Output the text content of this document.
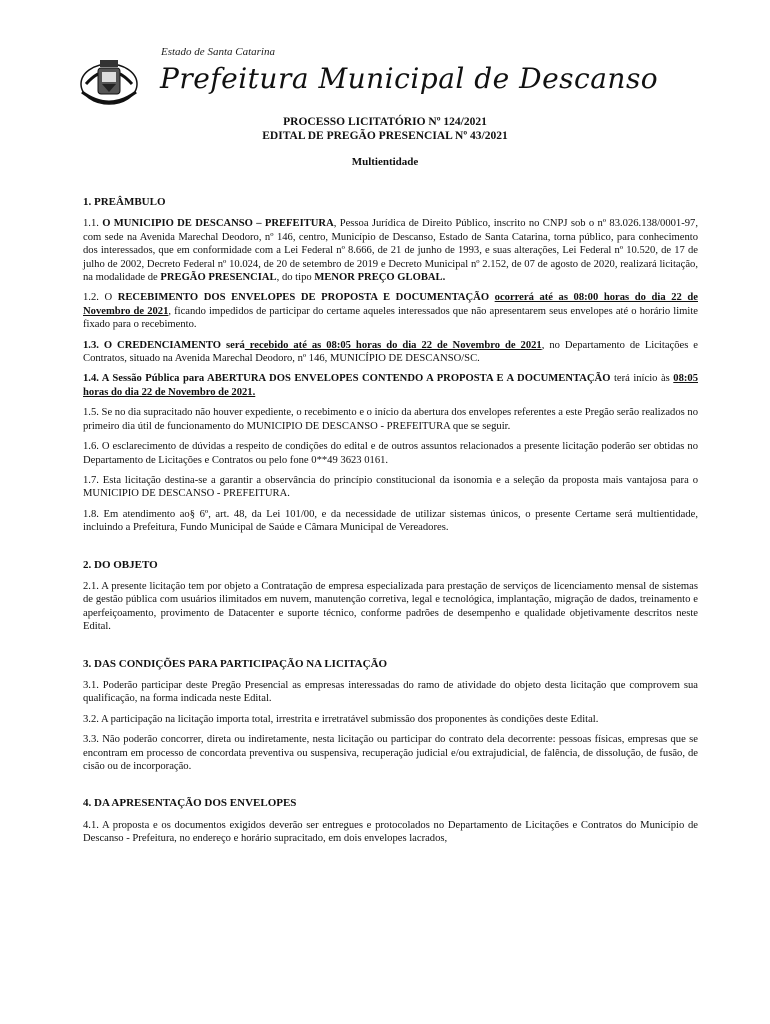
Estado de Santa Catarina
Prefeitura Municipal de Descanso
PROCESSO LICITATÓRIO Nº 124/2021
EDITAL DE PREGÃO PRESENCIAL Nº 43/2021
Multientidade
1. PREÂMBULO

1.1. O MUNICIPIO DE DESCANSO – PREFEITURA, Pessoa Jurídica de Direito Público, inscrito no CNPJ sob o nº 83.026.138/0001-97, com sede na Avenida Marechal Deodoro, nº 146, centro, Município de Descanso, Estado de Santa Catarina, torna público, para conhecimento dos interessados, que em conformidade com a Lei Federal nº 8.666, de 21 de junho de 1993, e suas alterações, Lei Federal nº 10.520, de 17 de julho de 2002, Decreto Federal nº 10.024, de 20 de setembro de 2019 e Decreto Municipal nº 2.152, de 07 de agosto de 2020, realizará licitação, na modalidade de PREGÃO PRESENCIAL, do tipo MENOR PREÇO GLOBAL.

1.2. O RECEBIMENTO DOS ENVELOPES DE PROPOSTA E DOCUMENTAÇÃO ocorrerá até as 08:00 horas do dia 22 de Novembro de 2021, ficando impedidos de participar do certame aqueles interessados que não apresentarem seus envelopes até o horário limite fixado para o recebimento.

1.3. O CREDENCIAMENTO será recebido até as 08:05 horas do dia 22 de Novembro de 2021, no Departamento de Licitações e Contratos, situado na Avenida Marechal Deodoro, nº 146, MUNICÍPIO DE DESCANSO/SC.

1.4. A Sessão Pública para ABERTURA DOS ENVELOPES CONTENDO A PROPOSTA E A DOCUMENTAÇÃO terá início às 08:05 horas do dia 22 de Novembro de 2021.

1.5. Se no dia supracitado não houver expediente, o recebimento e o início da abertura dos envelopes referentes a este Pregão serão realizados no primeiro dia útil de funcionamento do MUNICIPIO DE DESCANSO - PREFEITURA que se seguir.

1.6. O esclarecimento de dúvidas a respeito de condições do edital e de outros assuntos relacionados a presente licitação poderão ser obtidas no Departamento de Licitações e Contratos ou pelo fone 0**49 3623 0161.

1.7. Esta licitação destina-se a garantir a observância do princípio constitucional da isonomia e a seleção da proposta mais vantajosa para o MUNICIPIO DE DESCANSO - PREFEITURA.

1.8. Em atendimento ao§ 6º, art. 48, da Lei 101/00, e da necessidade de utilizar sistemas únicos, o presente Certame será multientidade, incluindo a Prefeitura, Fundo Municipal de Saúde e Câmara Municipal de Vereadores.

2. DO OBJETO

2.1. A presente licitação tem por objeto a Contratação de empresa especializada para prestação de serviços de licenciamento mensal de sistemas de gestão pública com usuários ilimitados em nuvem, manutenção corretiva, legal e tecnológica, implantação, migração de dados, treinamento e aperfeiçoamento, provimento de Datacenter e suporte técnico, conforme padrões de desempenho e qualidade objetivamente descritos neste Edital.

3. DAS CONDIÇÕES PARA PARTICIPAÇÃO NA LICITAÇÃO

3.1. Poderão participar deste Pregão Presencial as empresas interessadas do ramo de atividade do objeto desta licitação que comprovem sua qualificação, na forma indicada neste Edital.

3.2. A participação na licitação importa total, irrestrita e irretratável submissão dos proponentes às condições deste Edital.

3.3. Não poderão concorrer, direta ou indiretamente, nesta licitação ou participar do contrato dela decorrente: pessoas físicas, empresas que se encontram em processo de concordata preventiva ou suspensiva, recuperação judicial e/ou extrajudicial, de falência, de dissolução, de fusão, de cisão ou de incorporação.

4. DA APRESENTAÇÃO DOS ENVELOPES

4.1. A proposta e os documentos exigidos deverão ser entregues e protocolados no Departamento de Licitações e Contratos do Município de Descanso - Prefeitura, no endereço e horário supracitado, em dois envelopes lacrados,
